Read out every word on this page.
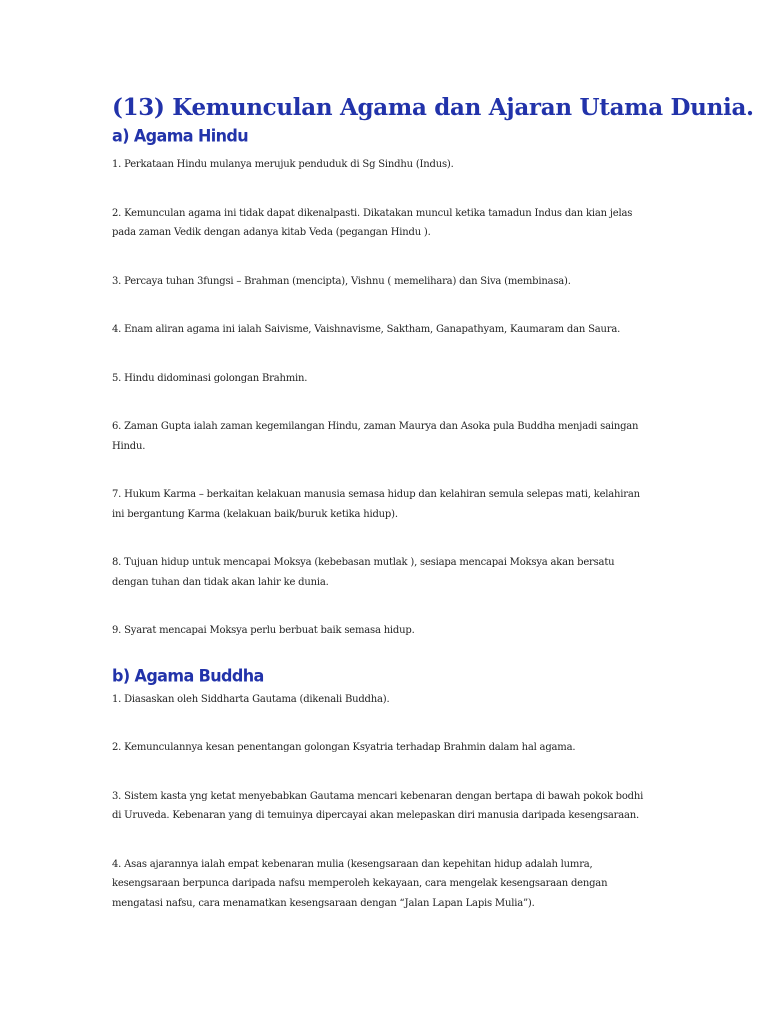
(13) Kemunculan Agama dan Ajaran Utama Dunia.
a) Agama Hindu

1. Perkataan Hindu mulanya merujuk penduduk di Sg Sindhu (Indus).

2. Kemunculan agama ini tidak dapat dikenalpasti. Dikatakan muncul ketika tamadun Indus dan kian jelas pada zaman Vedik dengan adanya kitab Veda (pegangan Hindu ).

3. Percaya tuhan 3fungsi – Brahman (mencipta), Vishnu ( memelihara) dan Siva (membinasa).

4. Enam aliran agama ini ialah Saivisme, Vaishnavisme, Saktham, Ganapathyam, Kaumaram dan Saura.

5. Hindu didominasi golongan Brahmin.

6. Zaman Gupta ialah zaman kegemilangan Hindu, zaman Maurya dan Asoka pula Buddha menjadi saingan Hindu.

7. Hukum Karma – berkaitan kelakuan manusia semasa hidup dan kelahiran semula selepas mati, kelahiran ini bergantung Karma (kelakuan baik/buruk ketika hidup).

8. Tujuan hidup untuk mencapai Moksya (kebebasan mutlak ), sesiapa mencapai Moksya akan bersatu dengan tuhan dan tidak akan lahir ke dunia.

9. Syarat mencapai Moksya perlu berbuat baik semasa hidup.

b) Agama Buddha

1. Diasaskan oleh Siddharta Gautama (dikenali Buddha).

2. Kemunculannya kesan penentangan golongan Ksyatria terhadap Brahmin dalam hal agama.

3. Sistem kasta yng ketat menyebabkan Gautama mencari kebenaran dengan bertapa di bawah pokok bodhi di Uruveda. Kebenaran yang di temuinya dipercayai akan melepaskan diri manusia daripada kesengsaraan.

4. Asas ajarannya ialah empat kebenaran mulia (kesengsaraan dan kepehitan hidup adalah lumra, kesengsaraan berpunca daripada nafsu memperoleh kekayaan, cara mengelak kesengsaraan dengan mengatasi nafsu, cara menamatkan kesengsaraan dengan “Jalan Lapan Lapis Mulia”).
